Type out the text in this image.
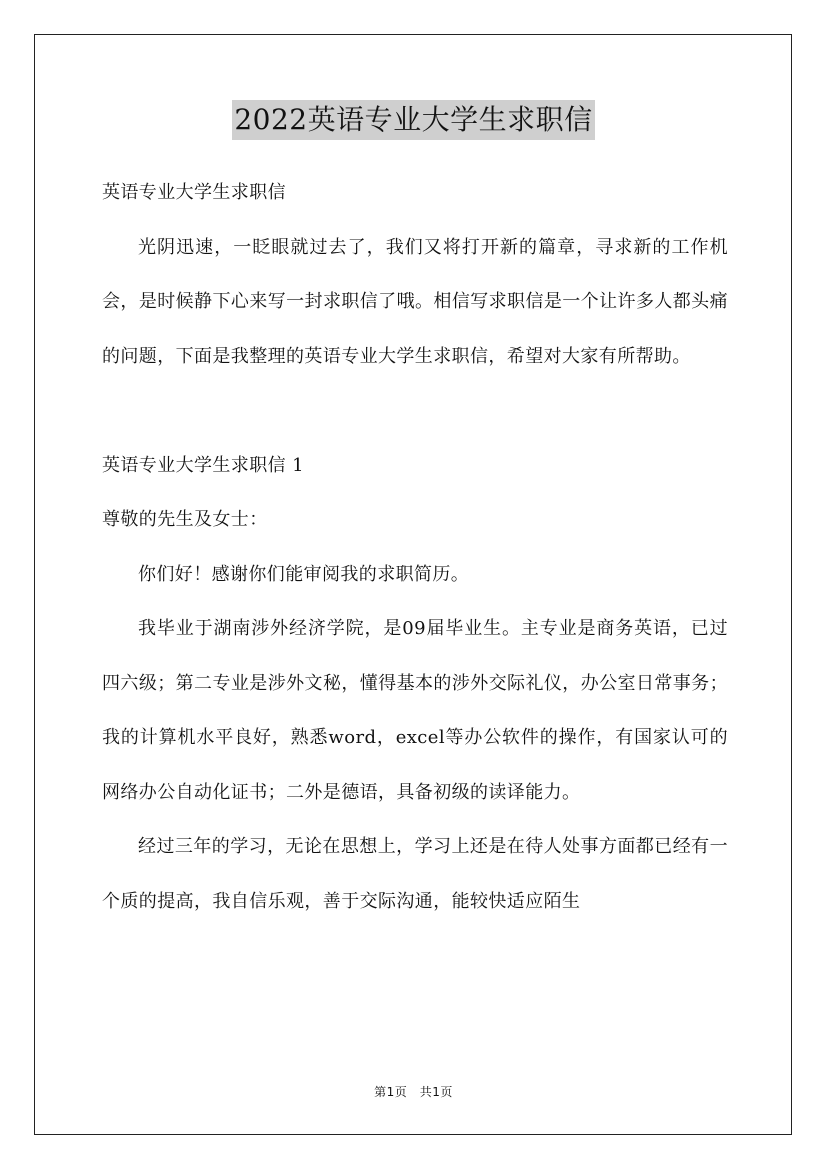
2022英语专业大学生求职信

英语专业大学生求职信

光阴迅速，一眨眼就过去了，我们又将打开新的篇章，寻求新的工作机会，是时候静下心来写一封求职信了哦。相信写求职信是一个让许多人都头痛的问题，下面是我整理的英语专业大学生求职信，希望对大家有所帮助。

英语专业大学生求职信 1

尊敬的先生及女士：

你们好！感谢你们能审阅我的求职简历。

我毕业于湖南涉外经济学院，是09届毕业生。主专业是商务英语，已过四六级；第二专业是涉外文秘，懂得基本的涉外交际礼仪，办公室日常事务；我的计算机水平良好，熟悉word，excel等办公软件的操作，有国家认可的网络办公自动化证书；二外是德语，具备初级的读译能力。

经过三年的学习，无论在思想上，学习上还是在待人处事方面都已经有一个质的提高，我自信乐观，善于交际沟通，能较快适应陌生

第1页　共1页
